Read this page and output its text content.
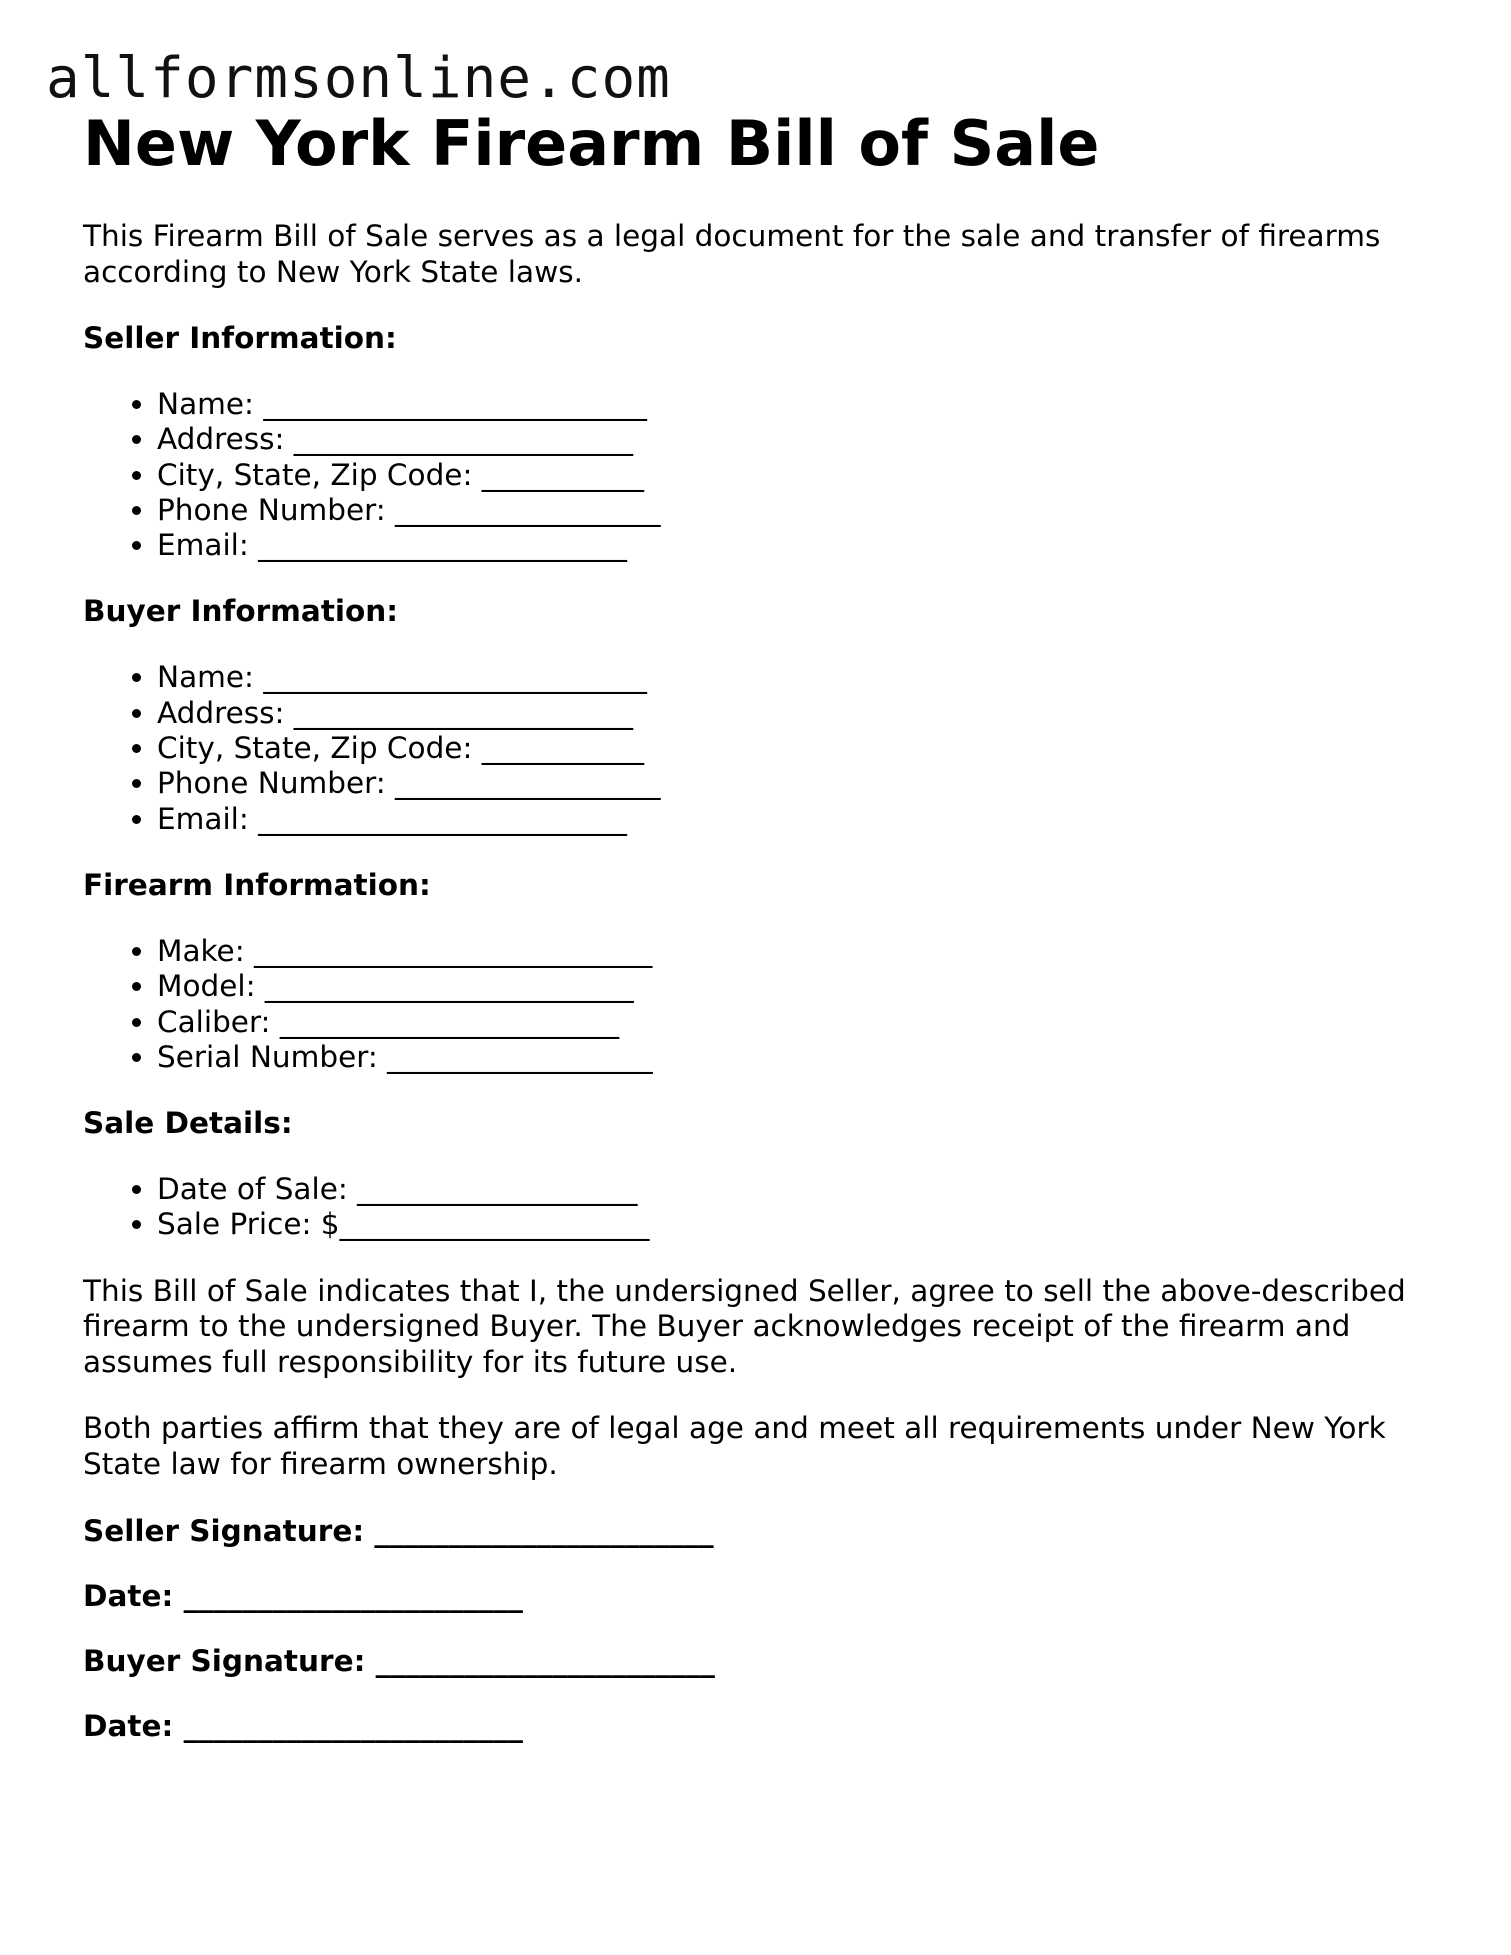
allformsonline.com
New York Firearm Bill of Sale

This Firearm Bill of Sale serves as a legal document for the sale and transfer of firearms according to New York State laws.

Seller Information:
• Name: __________________________
• Address: _______________________
• City, State, Zip Code: ___________
• Phone Number: __________________
• Email: _________________________
Buyer Information:
• Name: __________________________
• Address: _______________________
• City, State, Zip Code: ___________
• Phone Number: __________________
• Email: _________________________
Firearm Information:
• Make: ___________________________
• Model: _________________________
• Caliber: _______________________
• Serial Number: __________________
Sale Details:
• Date of Sale: ___________________
• Sale Price: $_____________________

This Bill of Sale indicates that I, the undersigned Seller, agree to sell the above-described firearm to the undersigned Buyer. The Buyer acknowledges receipt of the firearm and assumes full responsibility for its future use.

Both parties affirm that they are of legal age and meet all requirements under New York State law for firearm ownership.

Seller Signature: _______________________
Date: _______________________
Buyer Signature: _______________________
Date: _______________________
